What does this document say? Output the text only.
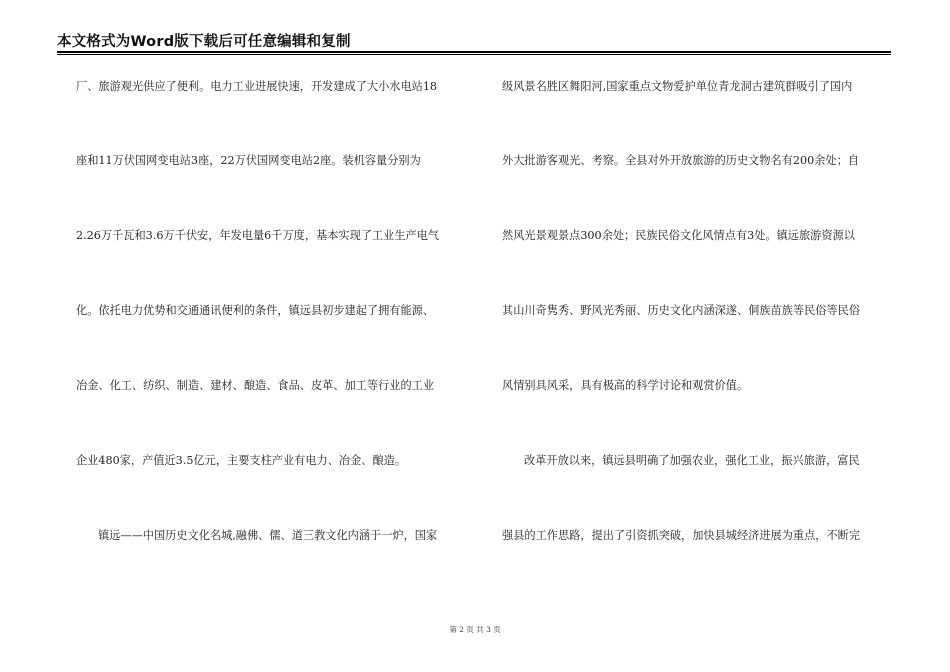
本文格式为Word版下载后可任意编辑和复制
厂、旅游观光供应了便利。电力工业进展快速，开发建成了大小水电站18
座和11万伏国网变电站3座，22万伏国网变电站2座。装机容量分别为
2.26万千瓦和3.6万千伏安，年发电量6千万度，基本实现了工业生产电气
化。依托电力优势和交通通讯便利的条件，镇远县初步建起了拥有能源、
冶金、化工、纺织、制造、建材、酿造、食品、皮革、加工等行业的工业
企业480家，产值近3.5亿元，主要支柱产业有电力、冶金、酿造。
镇远——中国历史文化名城,融佛、儒、道三教文化内涵于一炉，国家
级风景名胜区舞阳河,国家重点文物爱护单位青龙洞古建筑群吸引了国内
外大批游客观光、考察。全县对外开放旅游的历史文物名有200余处；自
然风光景观景点300余处；民族民俗文化风情点有3处。镇远旅游资源以
其山川奇隽秀、野风光秀丽、历史文化内涵深遂、侗族苗族等民俗等民俗
风情别具风采，具有极高的科学讨论和观赏价值。
改革开放以来，镇远县明确了加强农业，强化工业，振兴旅游，富民
强县的工作思路，提出了引资抓突破，加快县城经济进展为重点，不断完
第 2 页 共 3 页
